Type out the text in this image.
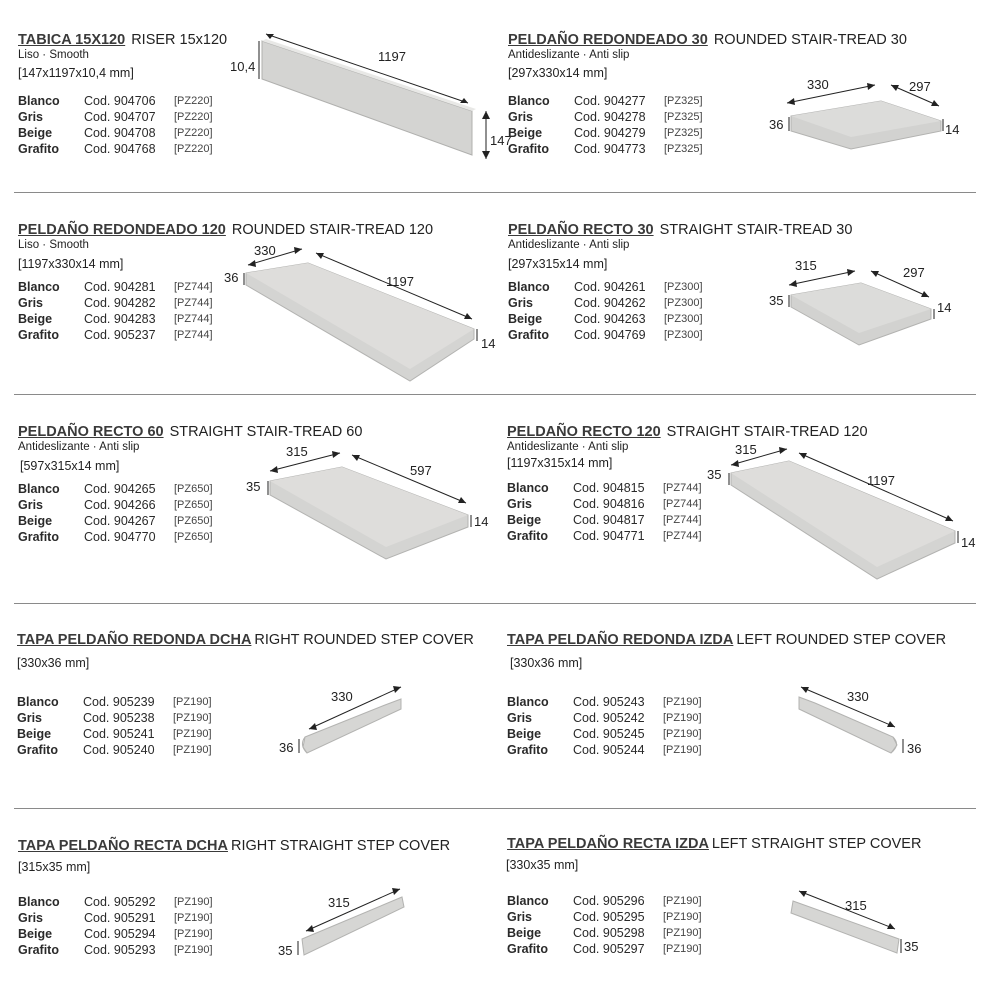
TABICA 15X120 RISER 15x120
Liso · Smooth
[147x1197x10,4 mm]
Blanco Cod. 904706 [PZ220]
Gris	Cod. 904707 [PZ220]
Beige	Cod. 904708 [PZ220]
Grafito Cod. 904768 [PZ220]
1197
10,4
147
PELDAÑO REDONDEADO 30 ROUNDED STAIR-TREAD 30
Antideslizante · Anti slip
[297x330x14 mm]
Blanco Cod. 904277 [PZ325]
Gris	Cod. 904278 [PZ325]
Beige	Cod. 904279 [PZ325]
Grafito Cod. 904773 [PZ325]
330	297
36	14
PELDAÑO REDONDEADO 120 ROUNDED STAIR-TREAD 120
Liso · Smooth
[1197x330x14 mm]
Blanco Cod. 904281 [PZ744]
Gris	Cod. 904282 [PZ744]
Beige	Cod. 904283 [PZ744]
Grafito Cod. 905237 [PZ744]
330
1197
36
14
PELDAÑO RECTO 30 STRAIGHT STAIR-TREAD 30
Antideslizante · Anti slip
[297x315x14 mm]
Blanco Cod. 904261 [PZ300]
Gris	Cod. 904262 [PZ300]
Beige	Cod. 904263 [PZ300]
Grafito Cod. 904769 [PZ300]
315	297
35	14
PELDAÑO RECTO 60 STRAIGHT STAIR-TREAD 60
Antideslizante · Anti slip
[597x315x14 mm]
Blanco Cod. 904265 [PZ650]
Gris	Cod. 904266 [PZ650]
Beige	Cod. 904267 [PZ650]
Grafito Cod. 904770 [PZ650]
315
597
35
14
PELDAÑO RECTO 120 STRAIGHT STAIR-TREAD 120
Antideslizante · Anti slip
[1197x315x14 mm]
Blanco Cod. 904815 [PZ744]
Gris	Cod. 904816 [PZ744]
Beige	Cod. 904817 [PZ744]
Grafito Cod. 904771 [PZ744]
315
1197
35
14
TAPA PELDAÑO REDONDA DCHA RIGHT ROUNDED STEP COVER
[330x36 mm]
Blanco Cod. 905239 [PZ190]
Gris	Cod. 905238 [PZ190]
Beige	Cod. 905241 [PZ190]
Grafito Cod. 905240 [PZ190]
330
36
TAPA PELDAÑO REDONDA IZDA LEFT ROUNDED STEP COVER
[330x36 mm]
Blanco Cod. 905243 [PZ190]
Gris	Cod. 905242 [PZ190]
Beige	Cod. 905245 [PZ190]
Grafito Cod. 905244 [PZ190]
330
36
TAPA PELDAÑO RECTA DCHA RIGHT STRAIGHT STEP COVER
[315x35 mm]
Blanco Cod. 905292 [PZ190]
Gris	Cod. 905291 [PZ190]
Beige	Cod. 905294 [PZ190]
Grafito Cod. 905293 [PZ190]
315
35
TAPA PELDAÑO RECTA IZDA LEFT STRAIGHT STEP COVER
[330x35 mm]
Blanco Cod. 905296 [PZ190]
Gris	Cod. 905295 [PZ190]
Beige	Cod. 905298 [PZ190]
Grafito Cod. 905297 [PZ190]
315
35
